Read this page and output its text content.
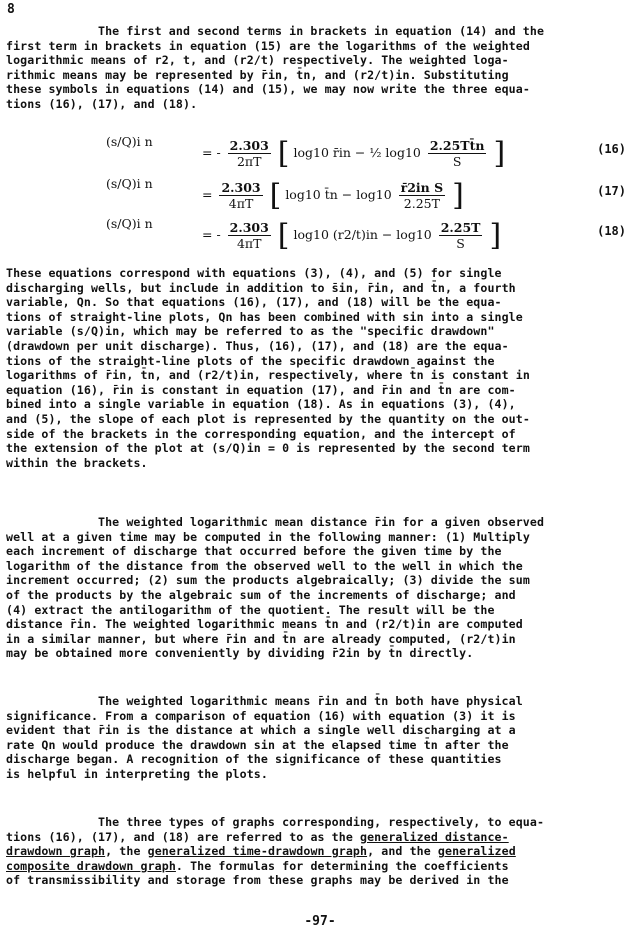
8
The first and second terms in brackets in equation (14) and the
first term in brackets in equation (15) are the logarithms of the weighted
logarithmic means of r2, t, and (r2/t) respectively. The weighted loga-
rithmic means may be represented by r̄in, t̄n, and (r2/t)in. Substituting
these symbols in equations (14) and (15), we may now write the three equa-
tions (16), (17), and (18).
(s/Q)i n
= - $\frac{2.303}{2\pi T}$ [ log10 r̄in − ½ $\log 10 \frac{2.25Tt̄n}{S}$ ]	(16)
(s/Q)i n
= $\frac{2.303}{4\pi T}$ [ log10 t̄n − $\log 10 \frac{\text{r̄2in S}}{2.25T}$ ]	(17)
(s/Q)i n
= - $\frac{2.303}{4\pi T}$ [ log10 $(r2/t)in - \log 10 \frac{2.25T}{S}$ ]	(18)
These equations correspond with equations (3), (4), and (5) for single
discharging wells, but include in addition to s̄in, r̄in, and t̄n, a fourth
variable, Qn. So that equations (16), (17), and (18) will be the equa-
tions of straight-line plots, Qn has been combined with sin into a single
variable (s/Q)in, which may be referred to as the "specific drawdown"
(drawdown per unit discharge). Thus, (16), (17), and (18) are the equa-
tions of the straight-line plots of the specific drawdown against the
logarithms of r̄in, t̄n, and (r2/t)in, respectively, where t̄n is constant in
equation (16), r̄in is constant in equation (17), and r̄in and t̄n are com-
bined into a single variable in equation (18). As in equations (3), (4),
and (5), the slope of each plot is represented by the quantity on the out-
side of the brackets in the corresponding equation, and the intercept of
the extension of the plot at (s/Q)in = 0 is represented by the second term
within the brackets.
The weighted logarithmic mean distance r̄in for a given observed
well at a given time may be computed in the following manner: (1) Multiply
each increment of discharge that occurred before the given time by the
logarithm of the distance from the observed well to the well in which the
increment occurred; (2) sum the products algebraically; (3) divide the sum
of the products by the algebraic sum of the increments of discharge; and
(4) extract the antilogarithm of the quotient. The result will be the
distance r̄in. The weighted logarithmic means t̄n and (r2/t)in are computed
in a similar manner, but where r̄in and t̄n are already computed, (r2/t)in
may be obtained more conveniently by dividing r̄2in by t̄n directly.
The weighted logarithmic means r̄in and t̄n both have physical
significance. From a comparison of equation (16) with equation (3) it is
evident that r̄in is the distance at which a single well discharging at a
rate Qn would produce the drawdown sin at the elapsed time t̄n after the
discharge began. A recognition of the significance of these quantities
is helpful in interpreting the plots.
The three types of graphs corresponding, respectively, to equa-
tions (16), (17), and (18) are referred to as the generalized distance-
drawdown graph, the generalized time-drawdown graph, and the generalized
composite drawdown graph. The formulas for determining the coefficients
of transmissibility and storage from these graphs may be derived in the
-97-
